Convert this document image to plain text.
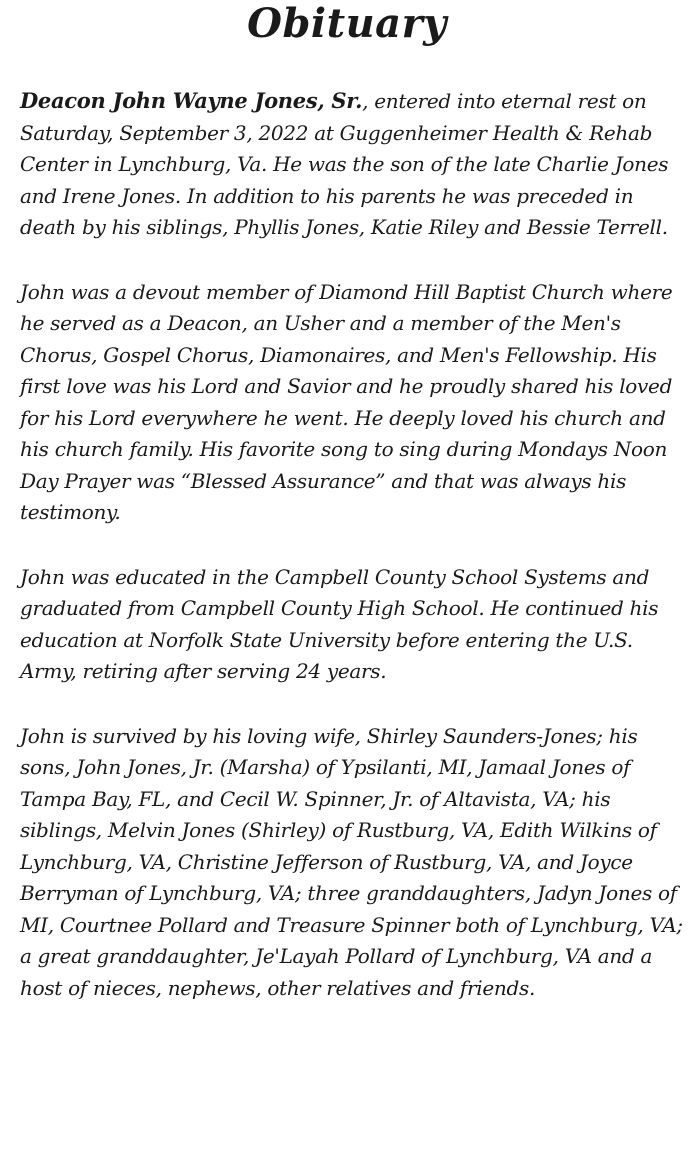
Obituary

Deacon John Wayne Jones, Sr., entered into eternal rest on Saturday, September 3, 2022 at Guggenheimer Health & Rehab Center in Lynchburg, Va. He was the son of the late Charlie Jones and Irene Jones. In addition to his parents he was preceded in death by his siblings, Phyllis Jones, Katie Riley and Bessie Terrell.

John was a devout member of Diamond Hill Baptist Church where he served as a Deacon, an Usher and a member of the Men's Chorus, Gospel Chorus, Diamonaires, and Men's Fellowship. His first love was his Lord and Savior and he proudly shared his loved for his Lord everywhere he went. He deeply loved his church and his church family. His favorite song to sing during Mondays Noon Day Prayer was “Blessed Assurance” and that was always his testimony.

John was educated in the Campbell County School Systems and graduated from Campbell County High School. He continued his education at Norfolk State University before entering the U.S. Army, retiring after serving 24 years.

John is survived by his loving wife, Shirley Saunders-Jones; his sons, John Jones, Jr. (Marsha) of Ypsilanti, MI, Jamaal Jones of Tampa Bay, FL, and Cecil W. Spinner, Jr. of Altavista, VA; his siblings, Melvin Jones (Shirley) of Rustburg, VA, Edith Wilkins of Lynchburg, VA, Christine Jefferson of Rustburg, VA, and Joyce Berryman of Lynchburg, VA; three granddaughters, Jadyn Jones of MI, Courtnee Pollard and Treasure Spinner both of Lynchburg, VA; a great granddaughter, Je'Layah Pollard of Lynchburg, VA and a host of nieces, nephews, other relatives and friends.
